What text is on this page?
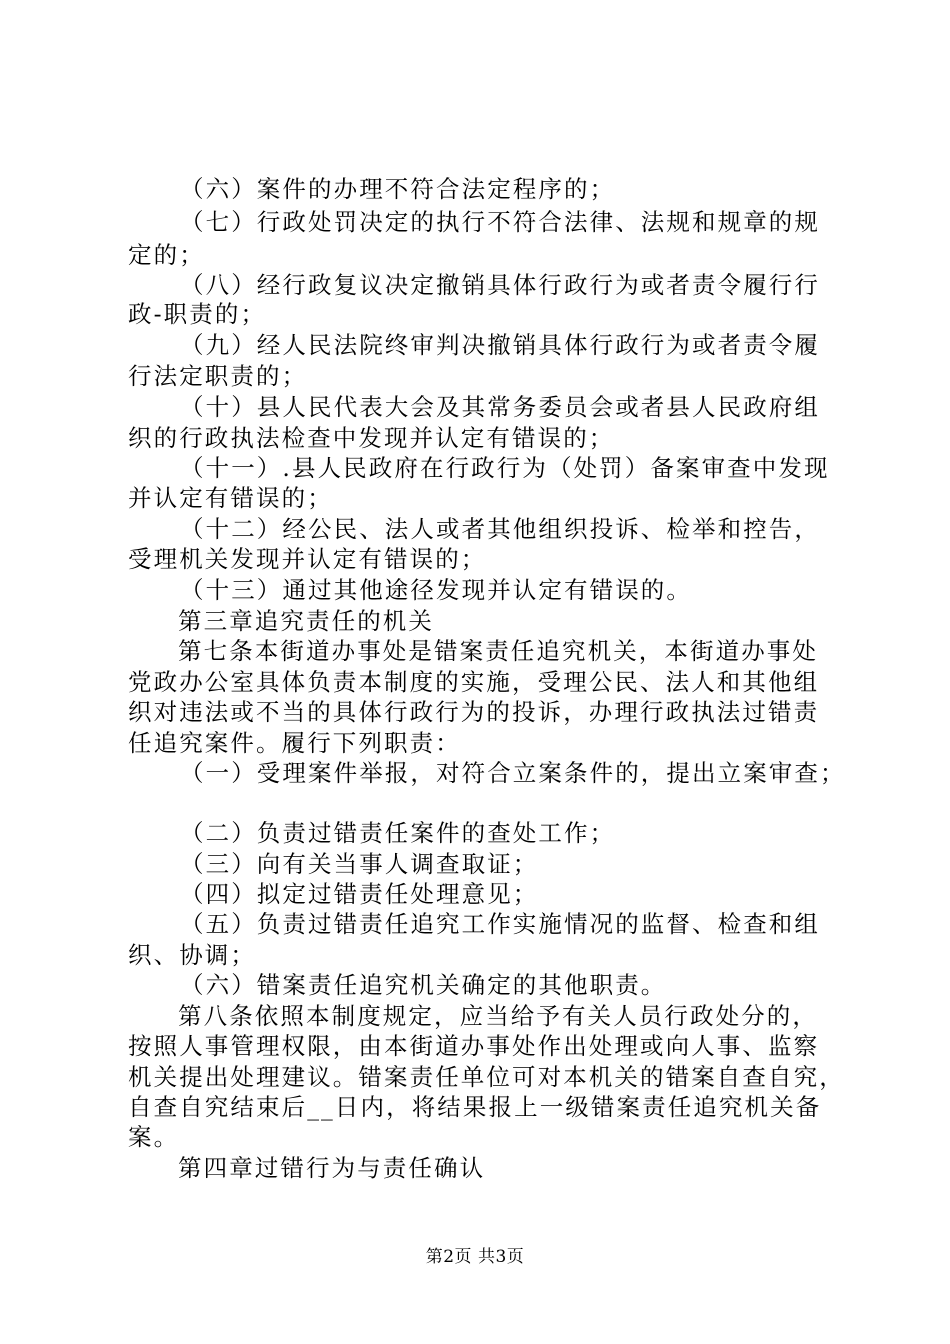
（六）案件的办理不符合法定程序的；
（七）行政处罚决定的执行不符合法律、法规和规章的规
定的；
（八）经行政复议决定撤销具体行政行为或者责令履行行
政-职责的；
（九）经人民法院终审判决撤销具体行政行为或者责令履
行法定职责的；
（十）县人民代表大会及其常务委员会或者县人民政府组
织的行政执法检查中发现并认定有错误的；
（十一）.县人民政府在行政行为（处罚）备案审查中发现
并认定有错误的；
（十二）经公民、法人或者其他组织投诉、检举和控告，
受理机关发现并认定有错误的；
（十三）通过其他途径发现并认定有错误的。
第三章追究责任的机关
第七条本街道办事处是错案责任追究机关，本街道办事处
党政办公室具体负责本制度的实施，受理公民、法人和其他组
织对违法或不当的具体行政行为的投诉，办理行政执法过错责
任追究案件。履行下列职责：
（一）受理案件举报，对符合立案条件的，提出立案审查；
（二）负责过错责任案件的查处工作；
（三）向有关当事人调查取证；
（四）拟定过错责任处理意见；
（五）负责过错责任追究工作实施情况的监督、检查和组
织、协调；
（六）错案责任追究机关确定的其他职责。
第八条依照本制度规定，应当给予有关人员行政处分的，
按照人事管理权限，由本街道办事处作出处理或向人事、监察
机关提出处理建议。错案责任单位可对本机关的错案自查自究，
自查自究结束后__日内，将结果报上一级错案责任追究机关备
案。
第四章过错行为与责任确认
第2页 共3页
